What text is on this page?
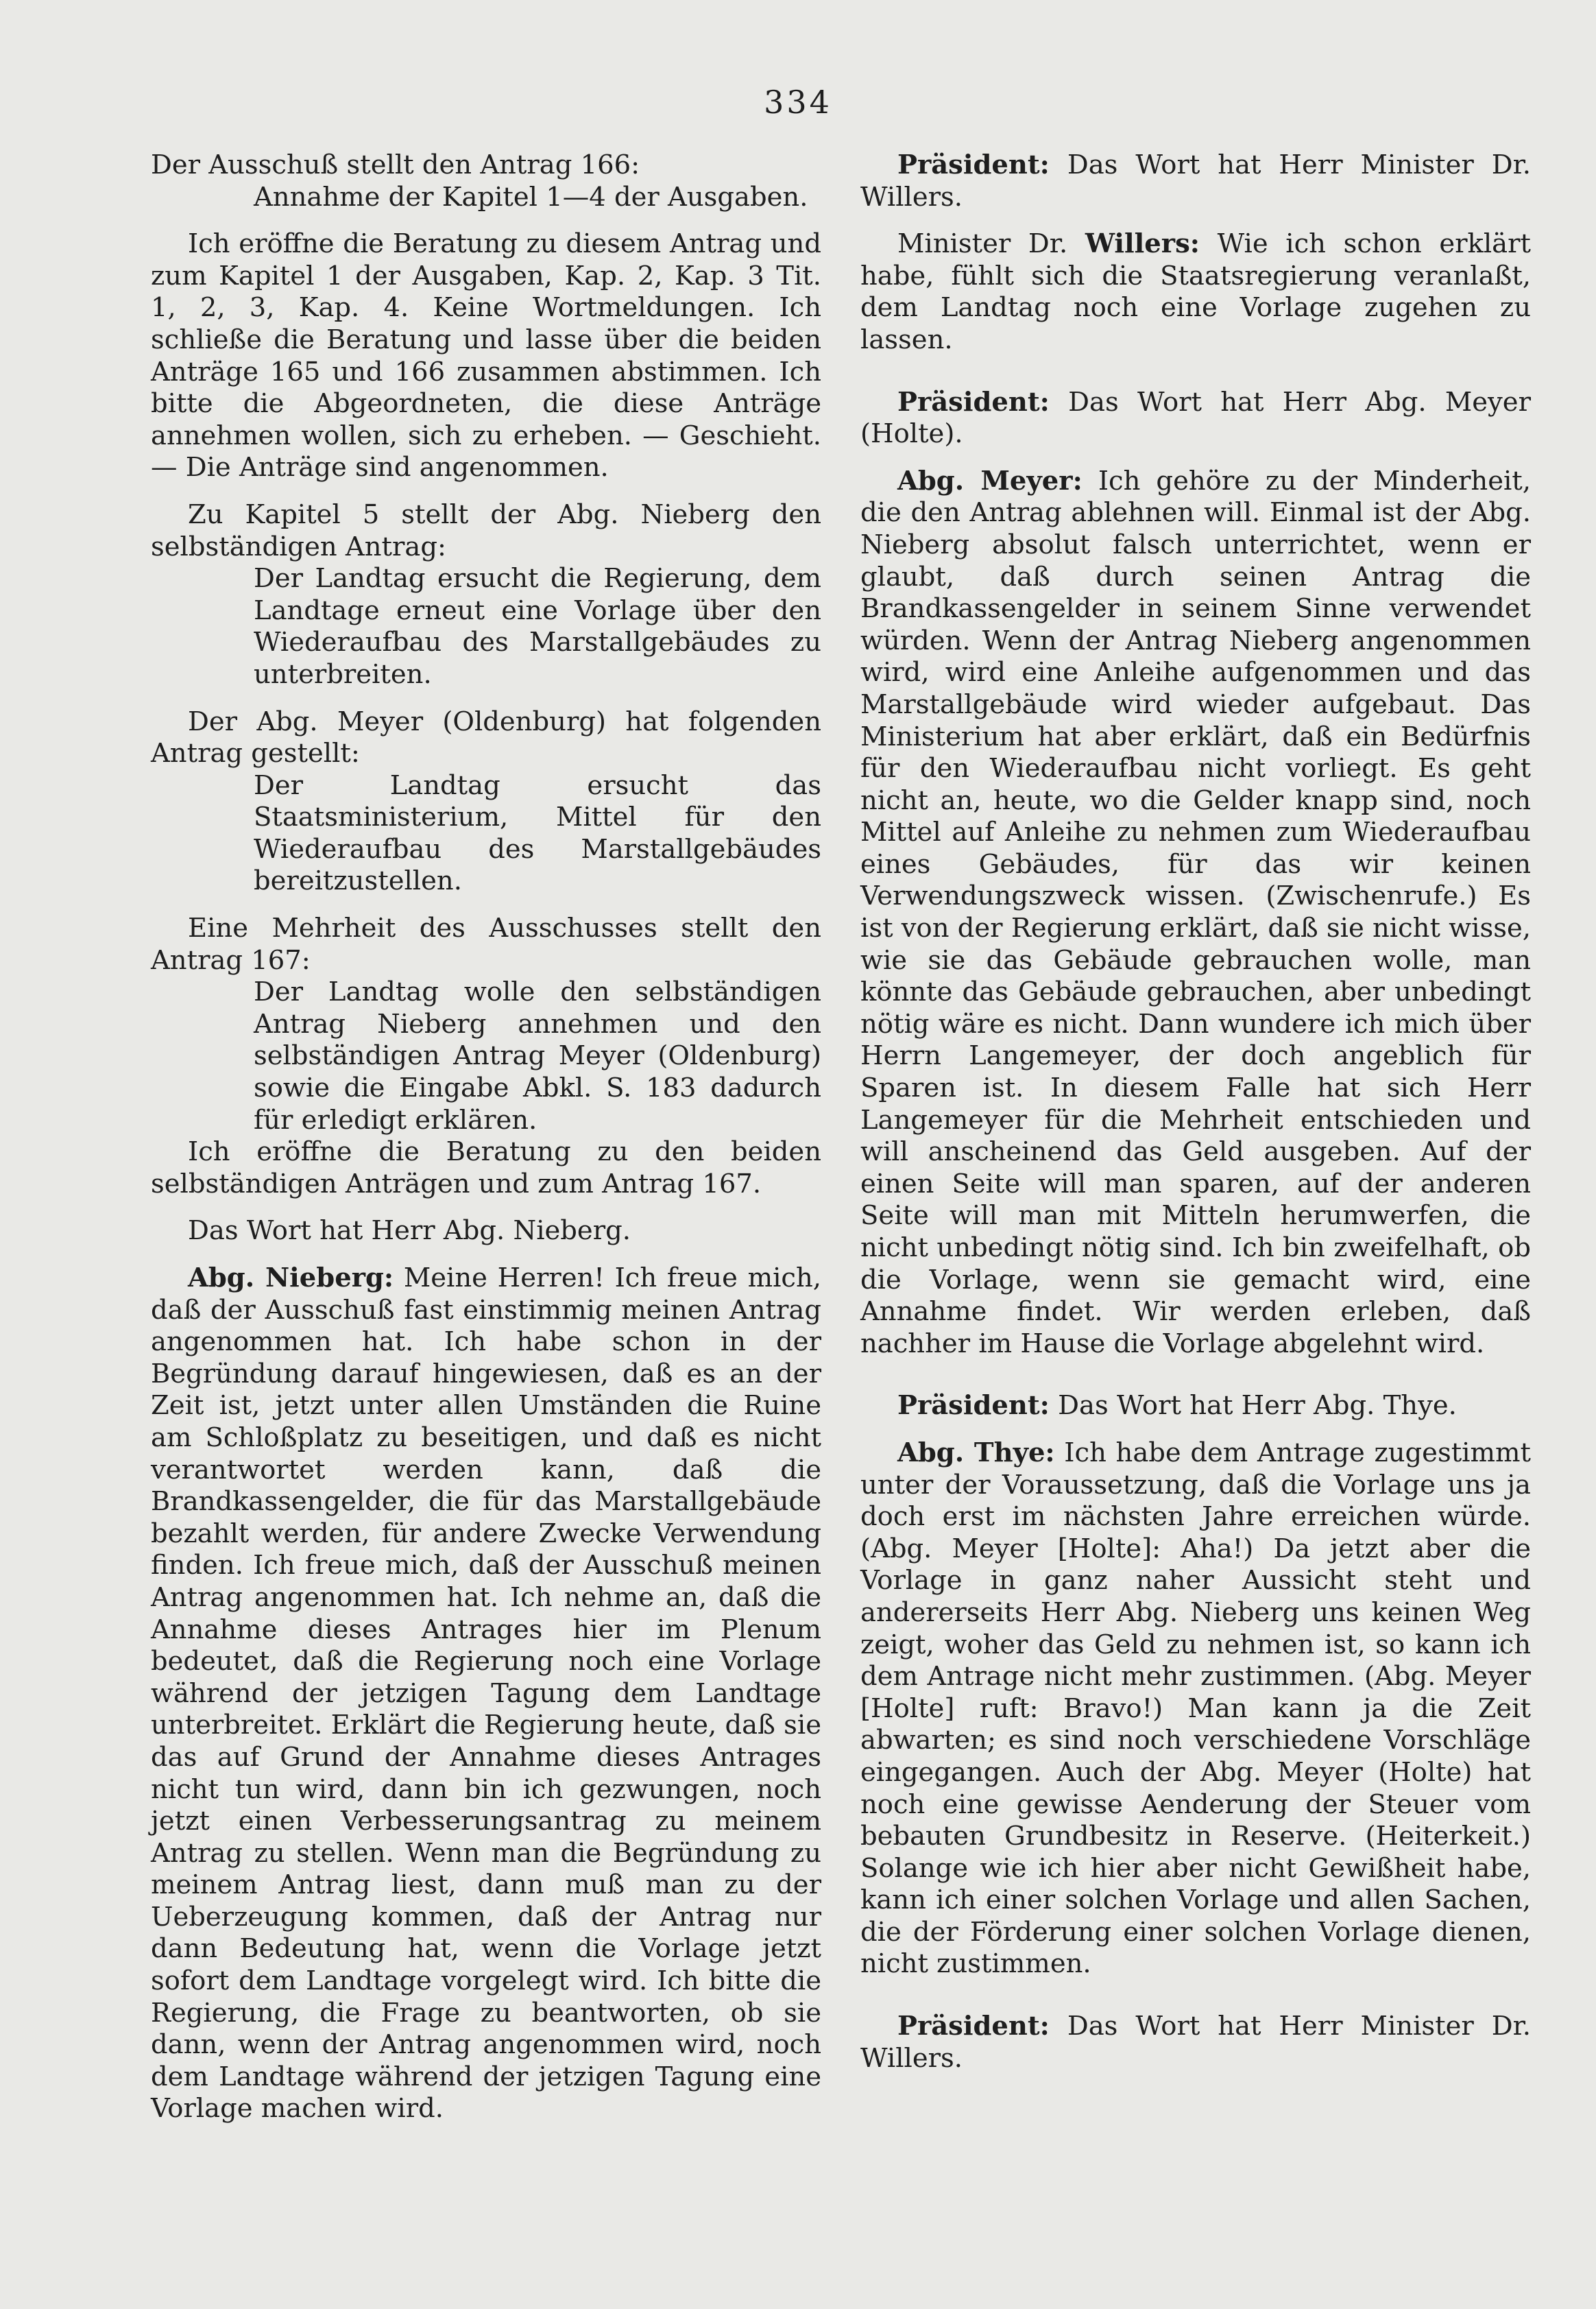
334

Der Ausschuß stellt den Antrag 166:

Annahme der Kapitel 1—4 der Ausgaben.

Ich eröffne die Beratung zu diesem Antrag und zum Kapitel 1 der Ausgaben, Kap. 2, Kap. 3 Tit. 1, 2, 3, Kap. 4. Keine Wortmeldungen. Ich schließe die Beratung und lasse über die beiden Anträge 165 und 166 zusammen abstimmen. Ich bitte die Abgeordneten, die diese Anträge annehmen wollen, sich zu erheben. — Geschieht. — Die Anträge sind angenommen.

Zu Kapitel 5 stellt der Abg. Nieberg den selbständigen Antrag:

Der Landtag ersucht die Regierung, dem Landtage erneut eine Vorlage über den Wiederaufbau des Marstallgebäudes zu unterbreiten.

Der Abg. Meyer (Oldenburg) hat folgenden Antrag gestellt:

Der Landtag ersucht das Staatsministerium, Mittel für den Wiederaufbau des Marstallgebäudes bereitzustellen.

Eine Mehrheit des Ausschusses stellt den Antrag 167:

Der Landtag wolle den selbständigen Antrag Nieberg annehmen und den selbständigen Antrag Meyer (Oldenburg) sowie die Eingabe Abkl. S. 183 dadurch für erledigt erklären.

Ich eröffne die Beratung zu den beiden selbständigen Anträgen und zum Antrag 167.

Das Wort hat Herr Abg. Nieberg.

Abg. Nieberg: Meine Herren! Ich freue mich, daß der Ausschuß fast einstimmig meinen Antrag angenommen hat. Ich habe schon in der Begründung darauf hingewiesen, daß es an der Zeit ist, jetzt unter allen Umständen die Ruine am Schloßplatz zu beseitigen, und daß es nicht verantwortet werden kann, daß die Brandkassengelder, die für das Marstallgebäude bezahlt werden, für andere Zwecke Verwendung finden. Ich freue mich, daß der Ausschuß meinen Antrag angenommen hat. Ich nehme an, daß die Annahme dieses Antrages hier im Plenum bedeutet, daß die Regierung noch eine Vorlage während der jetzigen Tagung dem Landtage unterbreitet. Erklärt die Regierung heute, daß sie das auf Grund der Annahme dieses Antrages nicht tun wird, dann bin ich gezwungen, noch jetzt einen Verbesserungsantrag zu meinem Antrag zu stellen. Wenn man die Begründung zu meinem Antrag liest, dann muß man zu der Ueberzeugung kommen, daß der Antrag nur dann Bedeutung hat, wenn die Vorlage jetzt sofort dem Landtage vorgelegt wird. Ich bitte die Regierung, die Frage zu beantworten, ob sie dann, wenn der Antrag angenommen wird, noch dem Landtage während der jetzigen Tagung eine Vorlage machen wird.

Präsident: Das Wort hat Herr Minister Dr. Willers.

Minister Dr. Willers: Wie ich schon erklärt habe, fühlt sich die Staatsregierung veranlaßt, dem Landtag noch eine Vorlage zugehen zu lassen.

Präsident: Das Wort hat Herr Abg. Meyer (Holte).

Abg. Meyer: Ich gehöre zu der Minderheit, die den Antrag ablehnen will. Einmal ist der Abg. Nieberg absolut falsch unterrichtet, wenn er glaubt, daß durch seinen Antrag die Brandkassengelder in seinem Sinne verwendet würden. Wenn der Antrag Nieberg angenommen wird, wird eine Anleihe aufgenommen und das Marstallgebäude wird wieder aufgebaut. Das Ministerium hat aber erklärt, daß ein Bedürfnis für den Wiederaufbau nicht vorliegt. Es geht nicht an, heute, wo die Gelder knapp sind, noch Mittel auf Anleihe zu nehmen zum Wiederaufbau eines Gebäudes, für das wir keinen Verwendungszweck wissen. (Zwischenrufe.) Es ist von der Regierung erklärt, daß sie nicht wisse, wie sie das Gebäude gebrauchen wolle, man könnte das Gebäude gebrauchen, aber unbedingt nötig wäre es nicht. Dann wundere ich mich über Herrn Langemeyer, der doch angeblich für Sparen ist. In diesem Falle hat sich Herr Langemeyer für die Mehrheit entschieden und will anscheinend das Geld ausgeben. Auf der einen Seite will man sparen, auf der anderen Seite will man mit Mitteln herumwerfen, die nicht unbedingt nötig sind. Ich bin zweifelhaft, ob die Vorlage, wenn sie gemacht wird, eine Annahme findet. Wir werden erleben, daß nachher im Hause die Vorlage abgelehnt wird.

Präsident: Das Wort hat Herr Abg. Thye.

Abg. Thye: Ich habe dem Antrage zugestimmt unter der Voraussetzung, daß die Vorlage uns ja doch erst im nächsten Jahre erreichen würde. (Abg. Meyer [Holte]: Aha!) Da jetzt aber die Vorlage in ganz naher Aussicht steht und andererseits Herr Abg. Nieberg uns keinen Weg zeigt, woher das Geld zu nehmen ist, so kann ich dem Antrage nicht mehr zustimmen. (Abg. Meyer [Holte] ruft: Bravo!) Man kann ja die Zeit abwarten; es sind noch verschiedene Vorschläge eingegangen. Auch der Abg. Meyer (Holte) hat noch eine gewisse Aenderung der Steuer vom bebauten Grundbesitz in Reserve. (Heiterkeit.) Solange wie ich hier aber nicht Gewißheit habe, kann ich einer solchen Vorlage und allen Sachen, die der Förderung einer solchen Vorlage dienen, nicht zustimmen.

Präsident: Das Wort hat Herr Minister Dr. Willers.
